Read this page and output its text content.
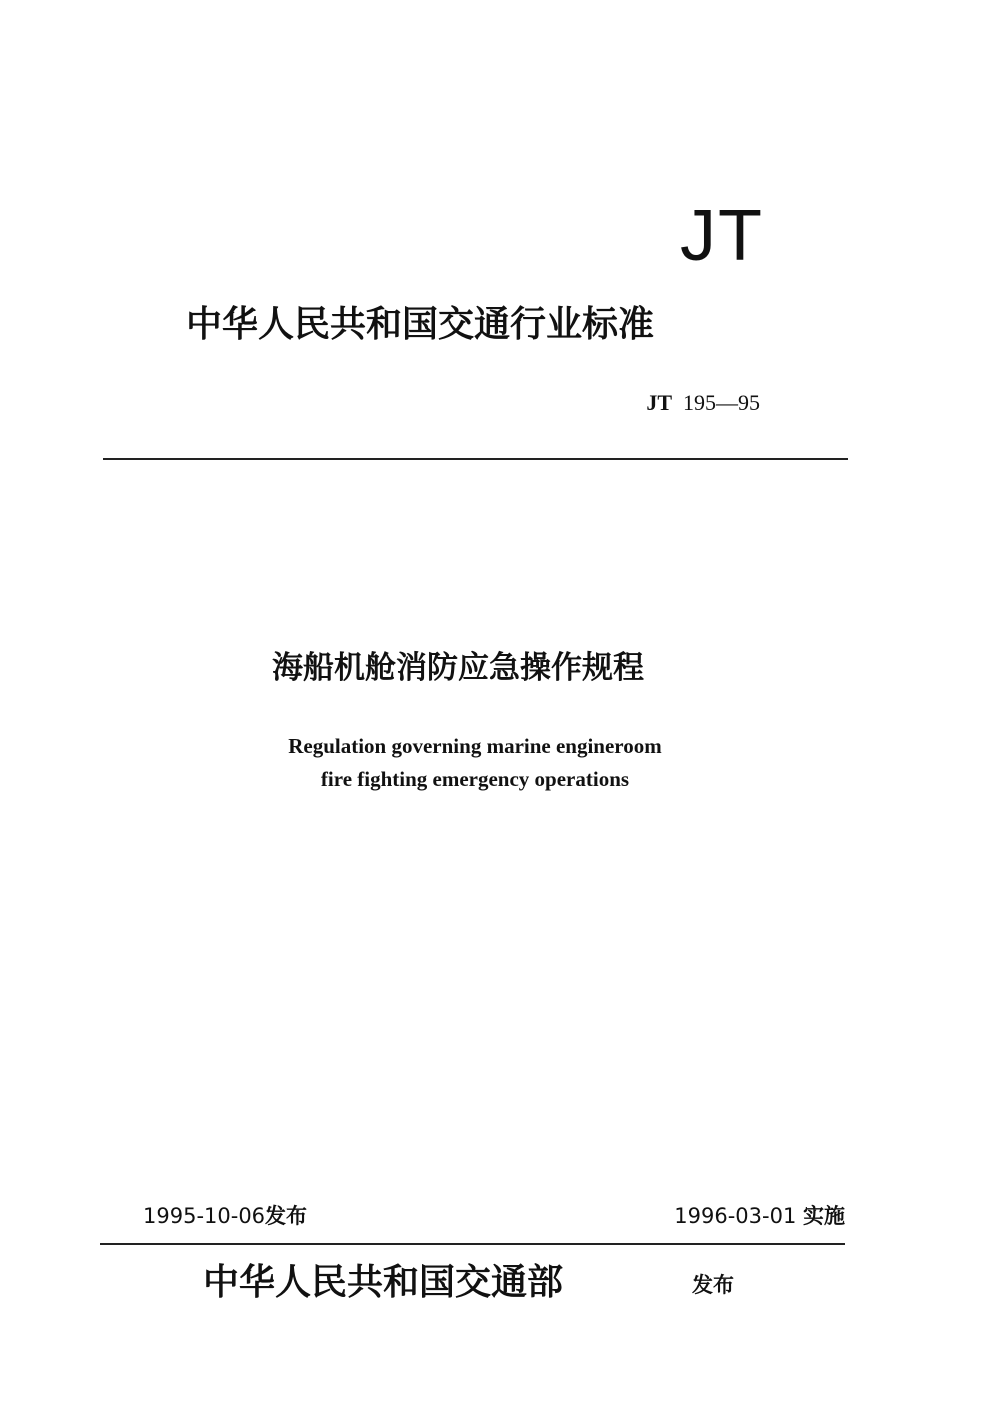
JT
中华人民共和国交通行业标准
JT 195—95
海船机舱消防应急操作规程
Regulation governing marine engineroom
fire fighting emergency operations
1995-10-06发布	1996-03-01 实施
中华人民共和国交通部	发布
